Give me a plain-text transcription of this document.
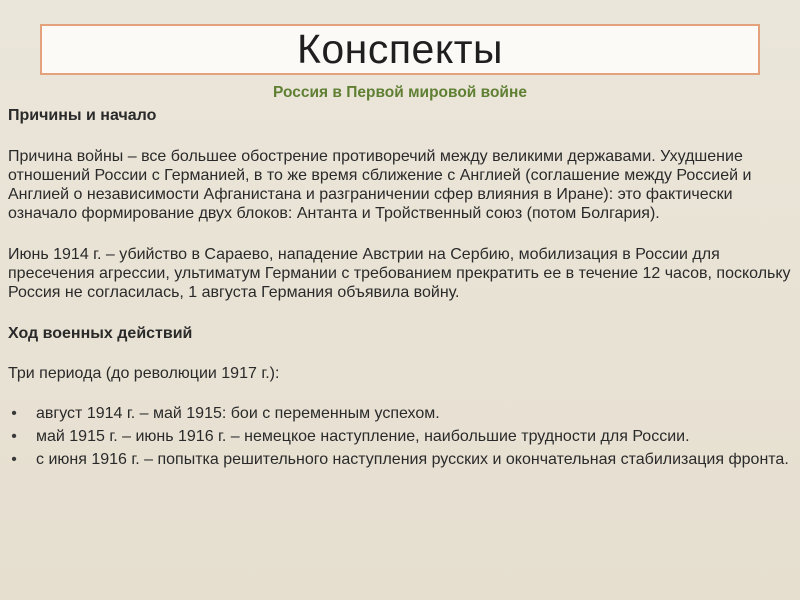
Конспекты
Россия в Первой мировой войне

Причины и начало

Причина войны – все большее обострение противоречий между великими державами. Ухудшение отношений России с Германией, в то же время сближение с Англией (соглашение между Россией и Англией о независимости Афганистана и разграничении сфер влияния в Иране): это фактически означало формирование двух блоков: Антанта и Тройственный союз (потом Болгария).

Июнь 1914 г. – убийство в Сараево, нападение Австрии на Сербию, мобилизация в России для пресечения агрессии, ультиматум Германии с требованием прекратить ее в течение 12 часов, поскольку Россия не согласилась, 1 августа Германия объявила войну.

Ход военных действий

Три периода (до революции 1917 г.):

• август 1914 г. – май 1915: бои с переменным успехом.
• май 1915 г. – июнь 1916 г. – немецкое наступление, наибольшие трудности для России.
• с июня 1916 г. – попытка решительного наступления русских и окончательная стабилизация фронта.
